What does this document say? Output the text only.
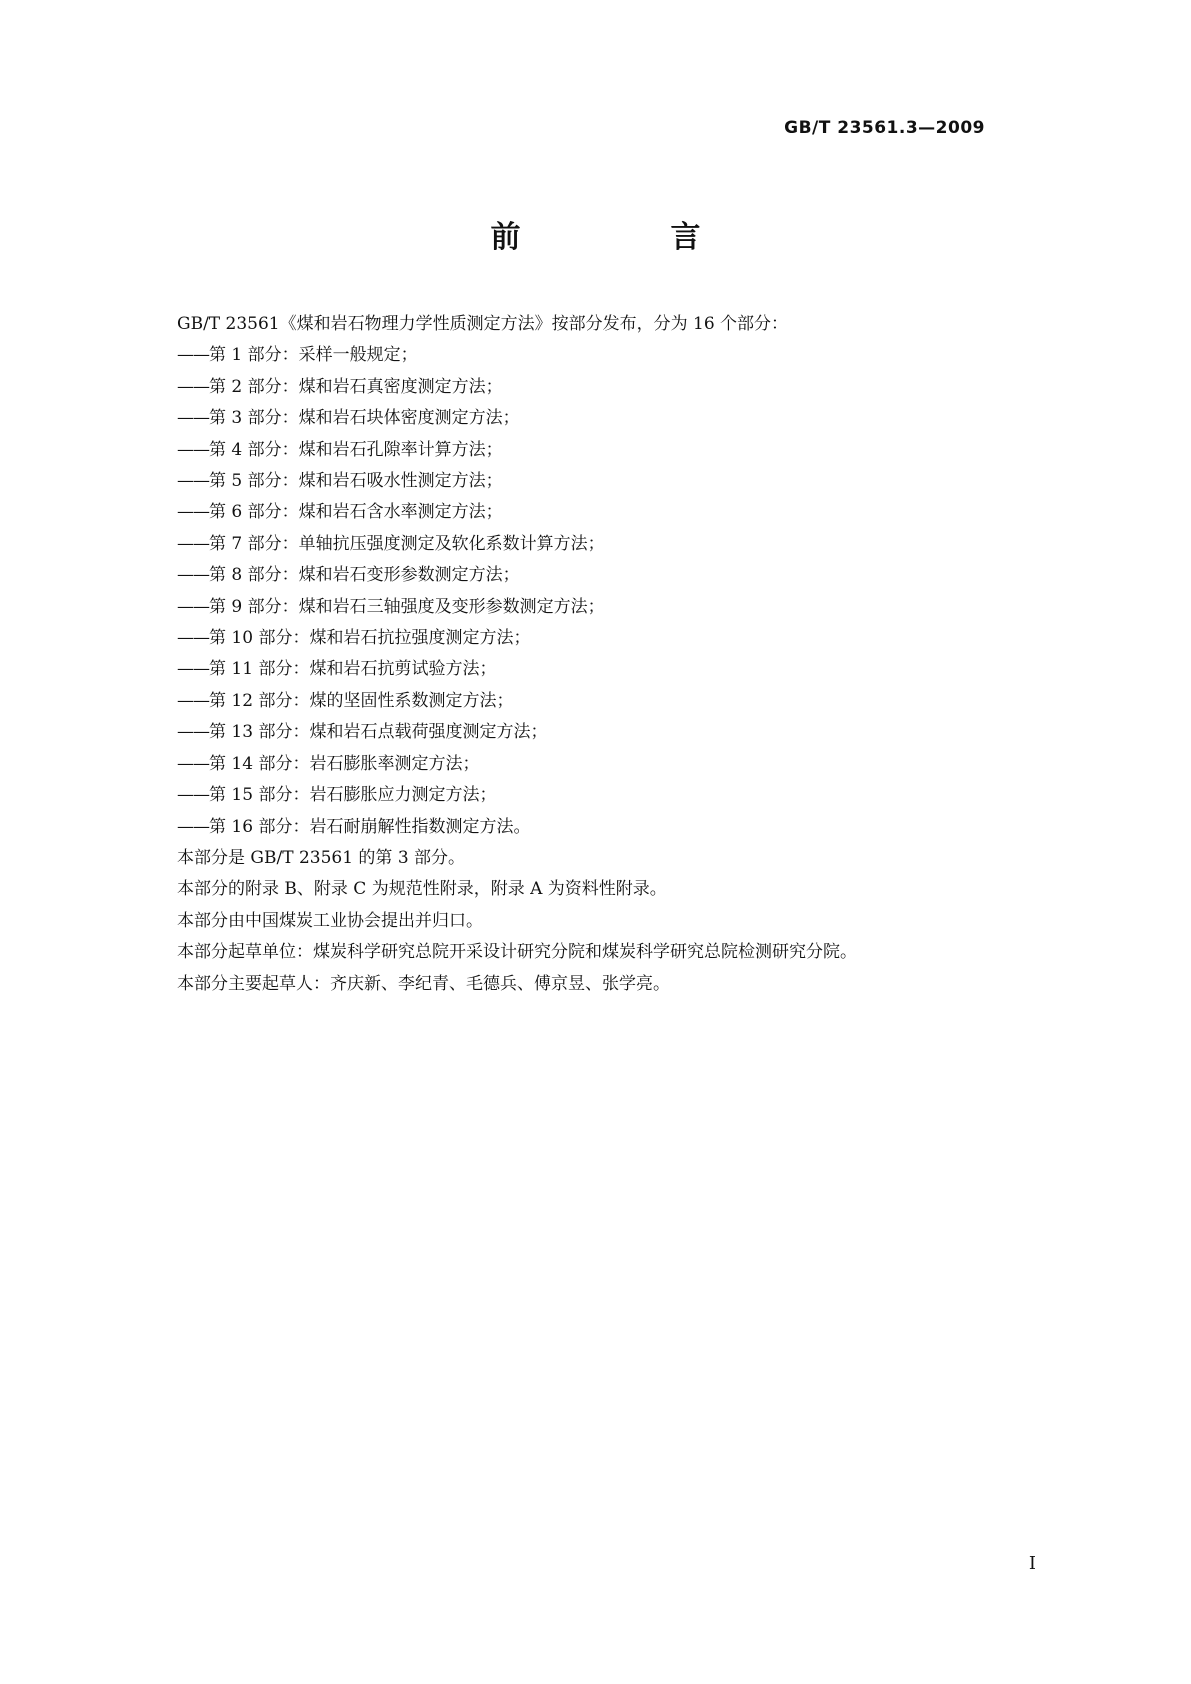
GB/T 23561.3—2009
前　言
GB/T 23561《煤和岩石物理力学性质测定方法》按部分发布，分为 16 个部分：
——第 1 部分：采样一般规定；
——第 2 部分：煤和岩石真密度测定方法；
——第 3 部分：煤和岩石块体密度测定方法；
——第 4 部分：煤和岩石孔隙率计算方法；
——第 5 部分：煤和岩石吸水性测定方法；
——第 6 部分：煤和岩石含水率测定方法；
——第 7 部分：单轴抗压强度测定及软化系数计算方法；
——第 8 部分：煤和岩石变形参数测定方法；
——第 9 部分：煤和岩石三轴强度及变形参数测定方法；
——第 10 部分：煤和岩石抗拉强度测定方法；
——第 11 部分：煤和岩石抗剪试验方法；
——第 12 部分：煤的坚固性系数测定方法；
——第 13 部分：煤和岩石点载荷强度测定方法；
——第 14 部分：岩石膨胀率测定方法；
——第 15 部分：岩石膨胀应力测定方法；
——第 16 部分：岩石耐崩解性指数测定方法。
本部分是 GB/T 23561 的第 3 部分。
本部分的附录 B、附录 C 为规范性附录，附录 A 为资料性附录。
本部分由中国煤炭工业协会提出并归口。
本部分起草单位：煤炭科学研究总院开采设计研究分院和煤炭科学研究总院检测研究分院。
本部分主要起草人：齐庆新、李纪青、毛德兵、傅京昱、张学亮。
I
